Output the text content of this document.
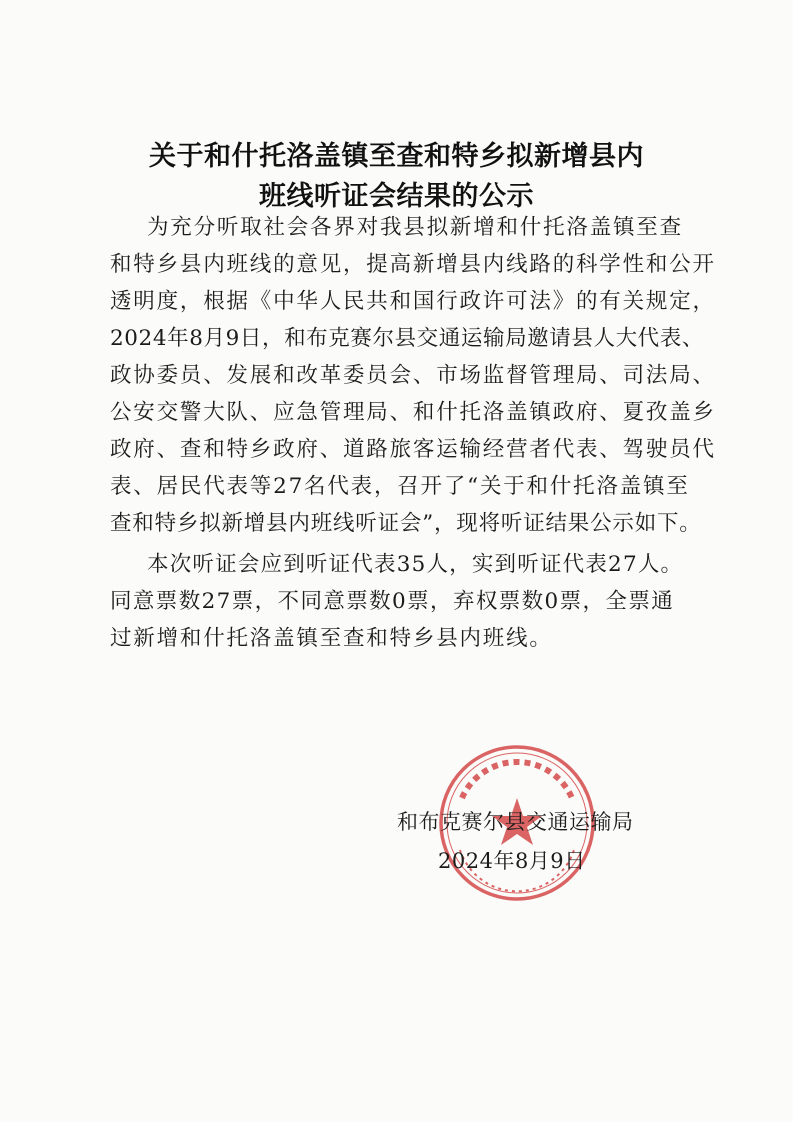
关于和什托洛盖镇至查和特乡拟新增县内
班线听证会结果的公示
为充分听取社会各界对我县拟新增和什托洛盖镇至查
和特乡县内班线的意见，提高新增县内线路的科学性和公开
透明度，根据《中华人民共和国行政许可法》的有关规定，
2024年8月9日，和布克赛尔县交通运输局邀请县人大代表、
政协委员、发展和改革委员会、市场监督管理局、司法局、
公安交警大队、应急管理局、和什托洛盖镇政府、夏孜盖乡
政府、查和特乡政府、道路旅客运输经营者代表、驾驶员代
表、居民代表等27名代表，召开了“关于和什托洛盖镇至
查和特乡拟新增县内班线听证会”，现将听证结果公示如下。
本次听证会应到听证代表35人，实到听证代表27人。
同意票数27票，不同意票数0票，弃权票数0票，全票通
过新增和什托洛盖镇至查和特乡县内班线。
和布克赛尔县交通运输局
2024年8月9日
